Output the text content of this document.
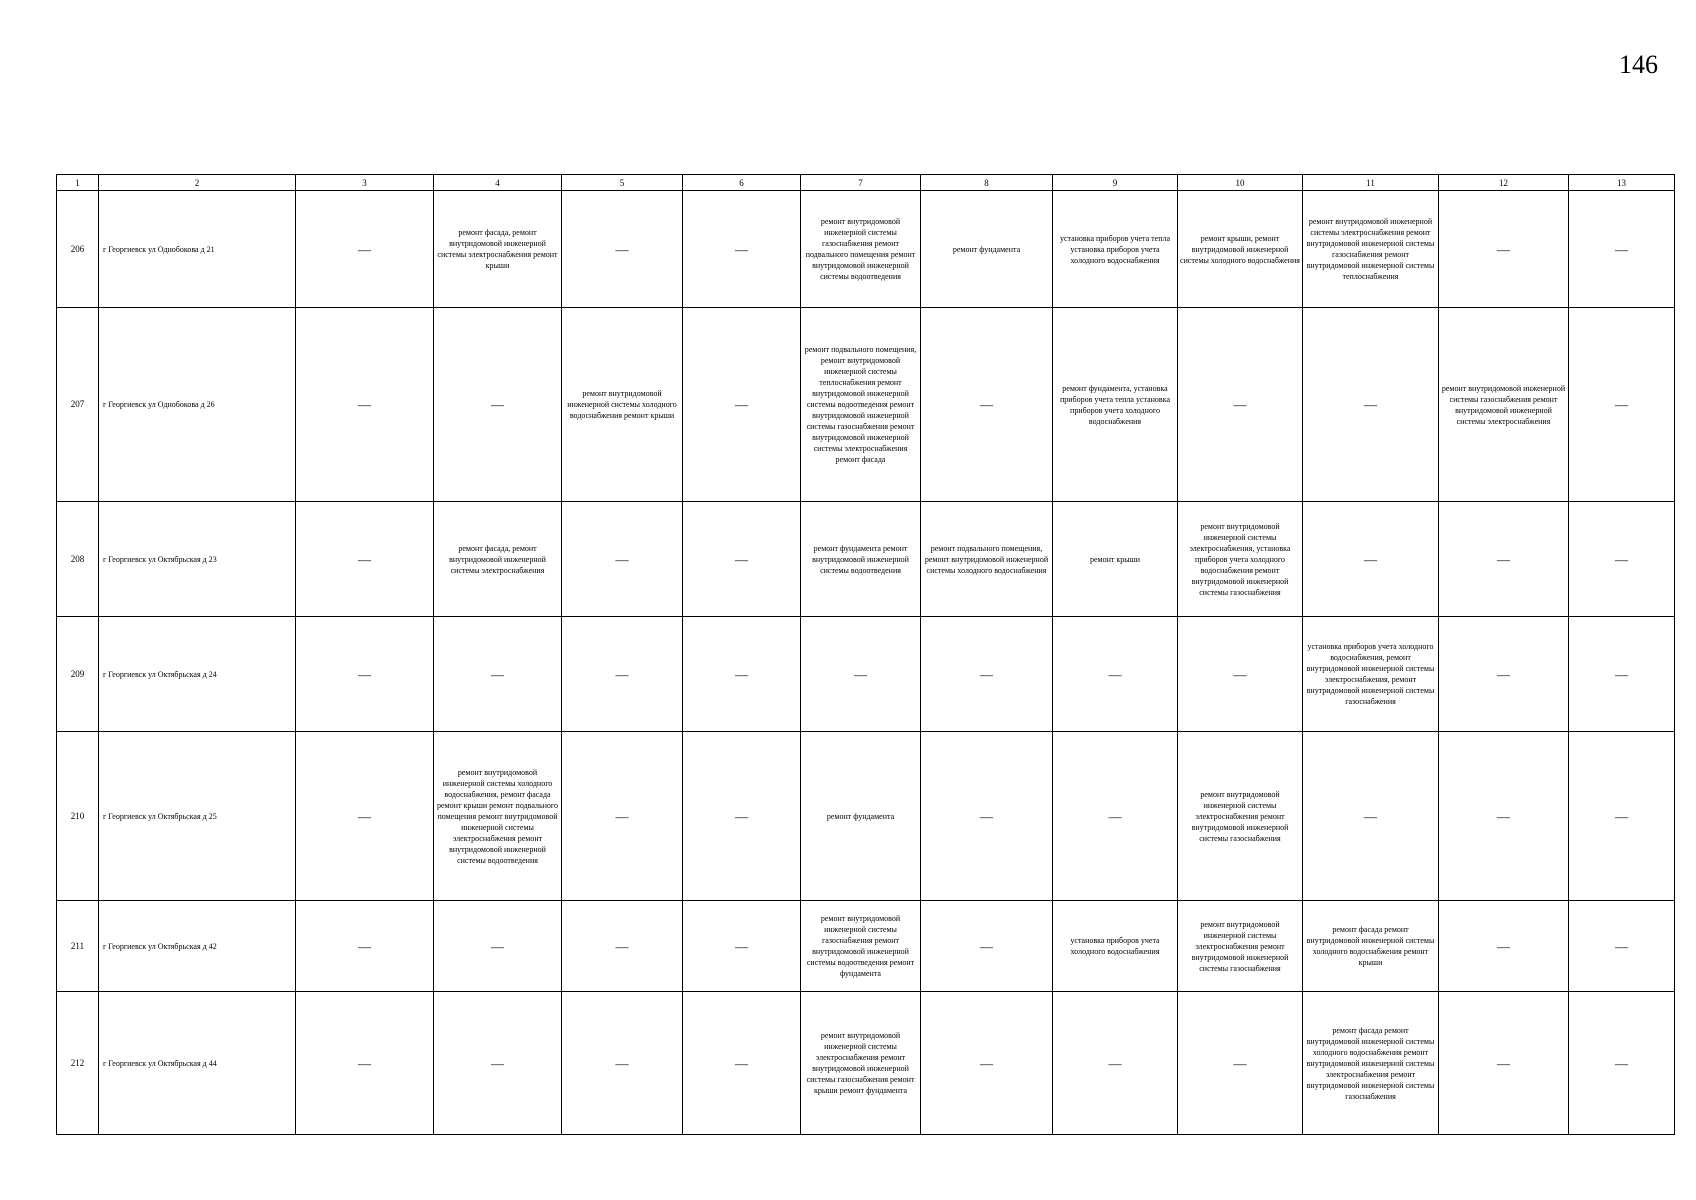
146
1	2	3	4	5	6	7	8	9	10	11	12	13
206	г Георгиевск ул Однобокова д 21	—	ремонт фасада, ремонт внутридомовой инженерной системы электроснабжения ремонт крыши	—	—	ремонт внутридомовой инженерной системы газоснабжения ремонт подвального помещения ремонт внутридомовой инженерной системы водоотведения	ремонт фундамента	установка приборов учета тепла установка приборов учета холодного водоснабжения	ремонт крыши, ремонт внутридомовой инженерной системы холодного водоснабжения	ремонт внутридомовой инженерной системы электроснабжения ремонт внутридомовой инженерной системы газоснабжения ремонт внутридомовой инженерной системы теплоснабжения	—	—
207	г Георгиевск ул Однобокова д 26	—	—	ремонт внутридомовой инженерной системы холодного водоснабжения ремонт крыши	—	ремонт подвального помещения, ремонт внутридомовой инженерной системы теплоснабжения ремонт внутридомовой инженерной системы водоотведения ремонт внутридомовой инженерной системы газоснабжения ремонт внутридомовой инженерной системы электроснабжения ремонт фасада	—	ремонт фундамента, установка приборов учета тепла установка приборов учета холодного водоснабжения	—	—	ремонт внутридомовой инженерной системы газоснабжения ремонт внутридомовой инженерной системы электроснабжения	—
208	г Георгиевск ул Октябрьская д 23	—	ремонт фасада, ремонт внутридомовой инженерной системы электроснабжения	—	—	ремонт фундамента ремонт внутридомовой инженерной системы водоотведения	ремонт подвального помещения, ремонт внутридомовой инженерной системы холодного водоснабжения	ремонт крыши	ремонт внутридомовой инженерной системы электроснабжения, установка приборов учета холодного водоснабжения ремонт внутридомовой инженерной системы газоснабжения	—	—	—
209	г Георгиевск ул Октябрьская д 24	—	—	—	—	—	—	—	—	установка приборов учета холодного водоснабжения, ремонт внутридомовой инженерной системы электроснабжения, ремонт внутридомовой инженерной системы газоснабжения	—	—
210	г Георгиевск ул Октябрьская д 25	—	ремонт внутридомовой инженерной системы холодного водоснабжения, ремонт фасада ремонт крыши ремонт подвального помещения ремонт внутридомовой инженерной системы электроснабжения ремонт внутридомовой инженерной системы водоотведения	—	—	ремонт фундамента	—	—	ремонт внутридомовой инженерной системы электроснабжения ремонт внутридомовой инженерной системы газоснабжения	—	—	—
211	г Георгиевск ул Октябрьская д 42	—	—	—	—	ремонт внутридомовой инженерной системы газоснабжения ремонт внутридомовой инженерной системы водоотведения ремонт фундамента	—	установка приборов учета холодного водоснабжения	ремонт внутридомовой инженерной системы электроснабжения ремонт внутридомовой инженерной системы газоснабжения	ремонт фасада ремонт внутридомовой инженерной системы холодного водоснабжения ремонт крыши	—	—
212	г Георгиевск ул Октябрьская д 44	—	—	—	—	ремонт внутридомовой инженерной системы электроснабжения ремонт внутридомовой инженерной системы газоснабжения ремонт крыши ремонт фундамента	—	—	—	ремонт фасада ремонт внутридомовой инженерной системы холодного водоснабжения ремонт внутридомовой инженерной системы электроснабжения ремонт внутридомовой инженерной системы газоснабжения	—	—
